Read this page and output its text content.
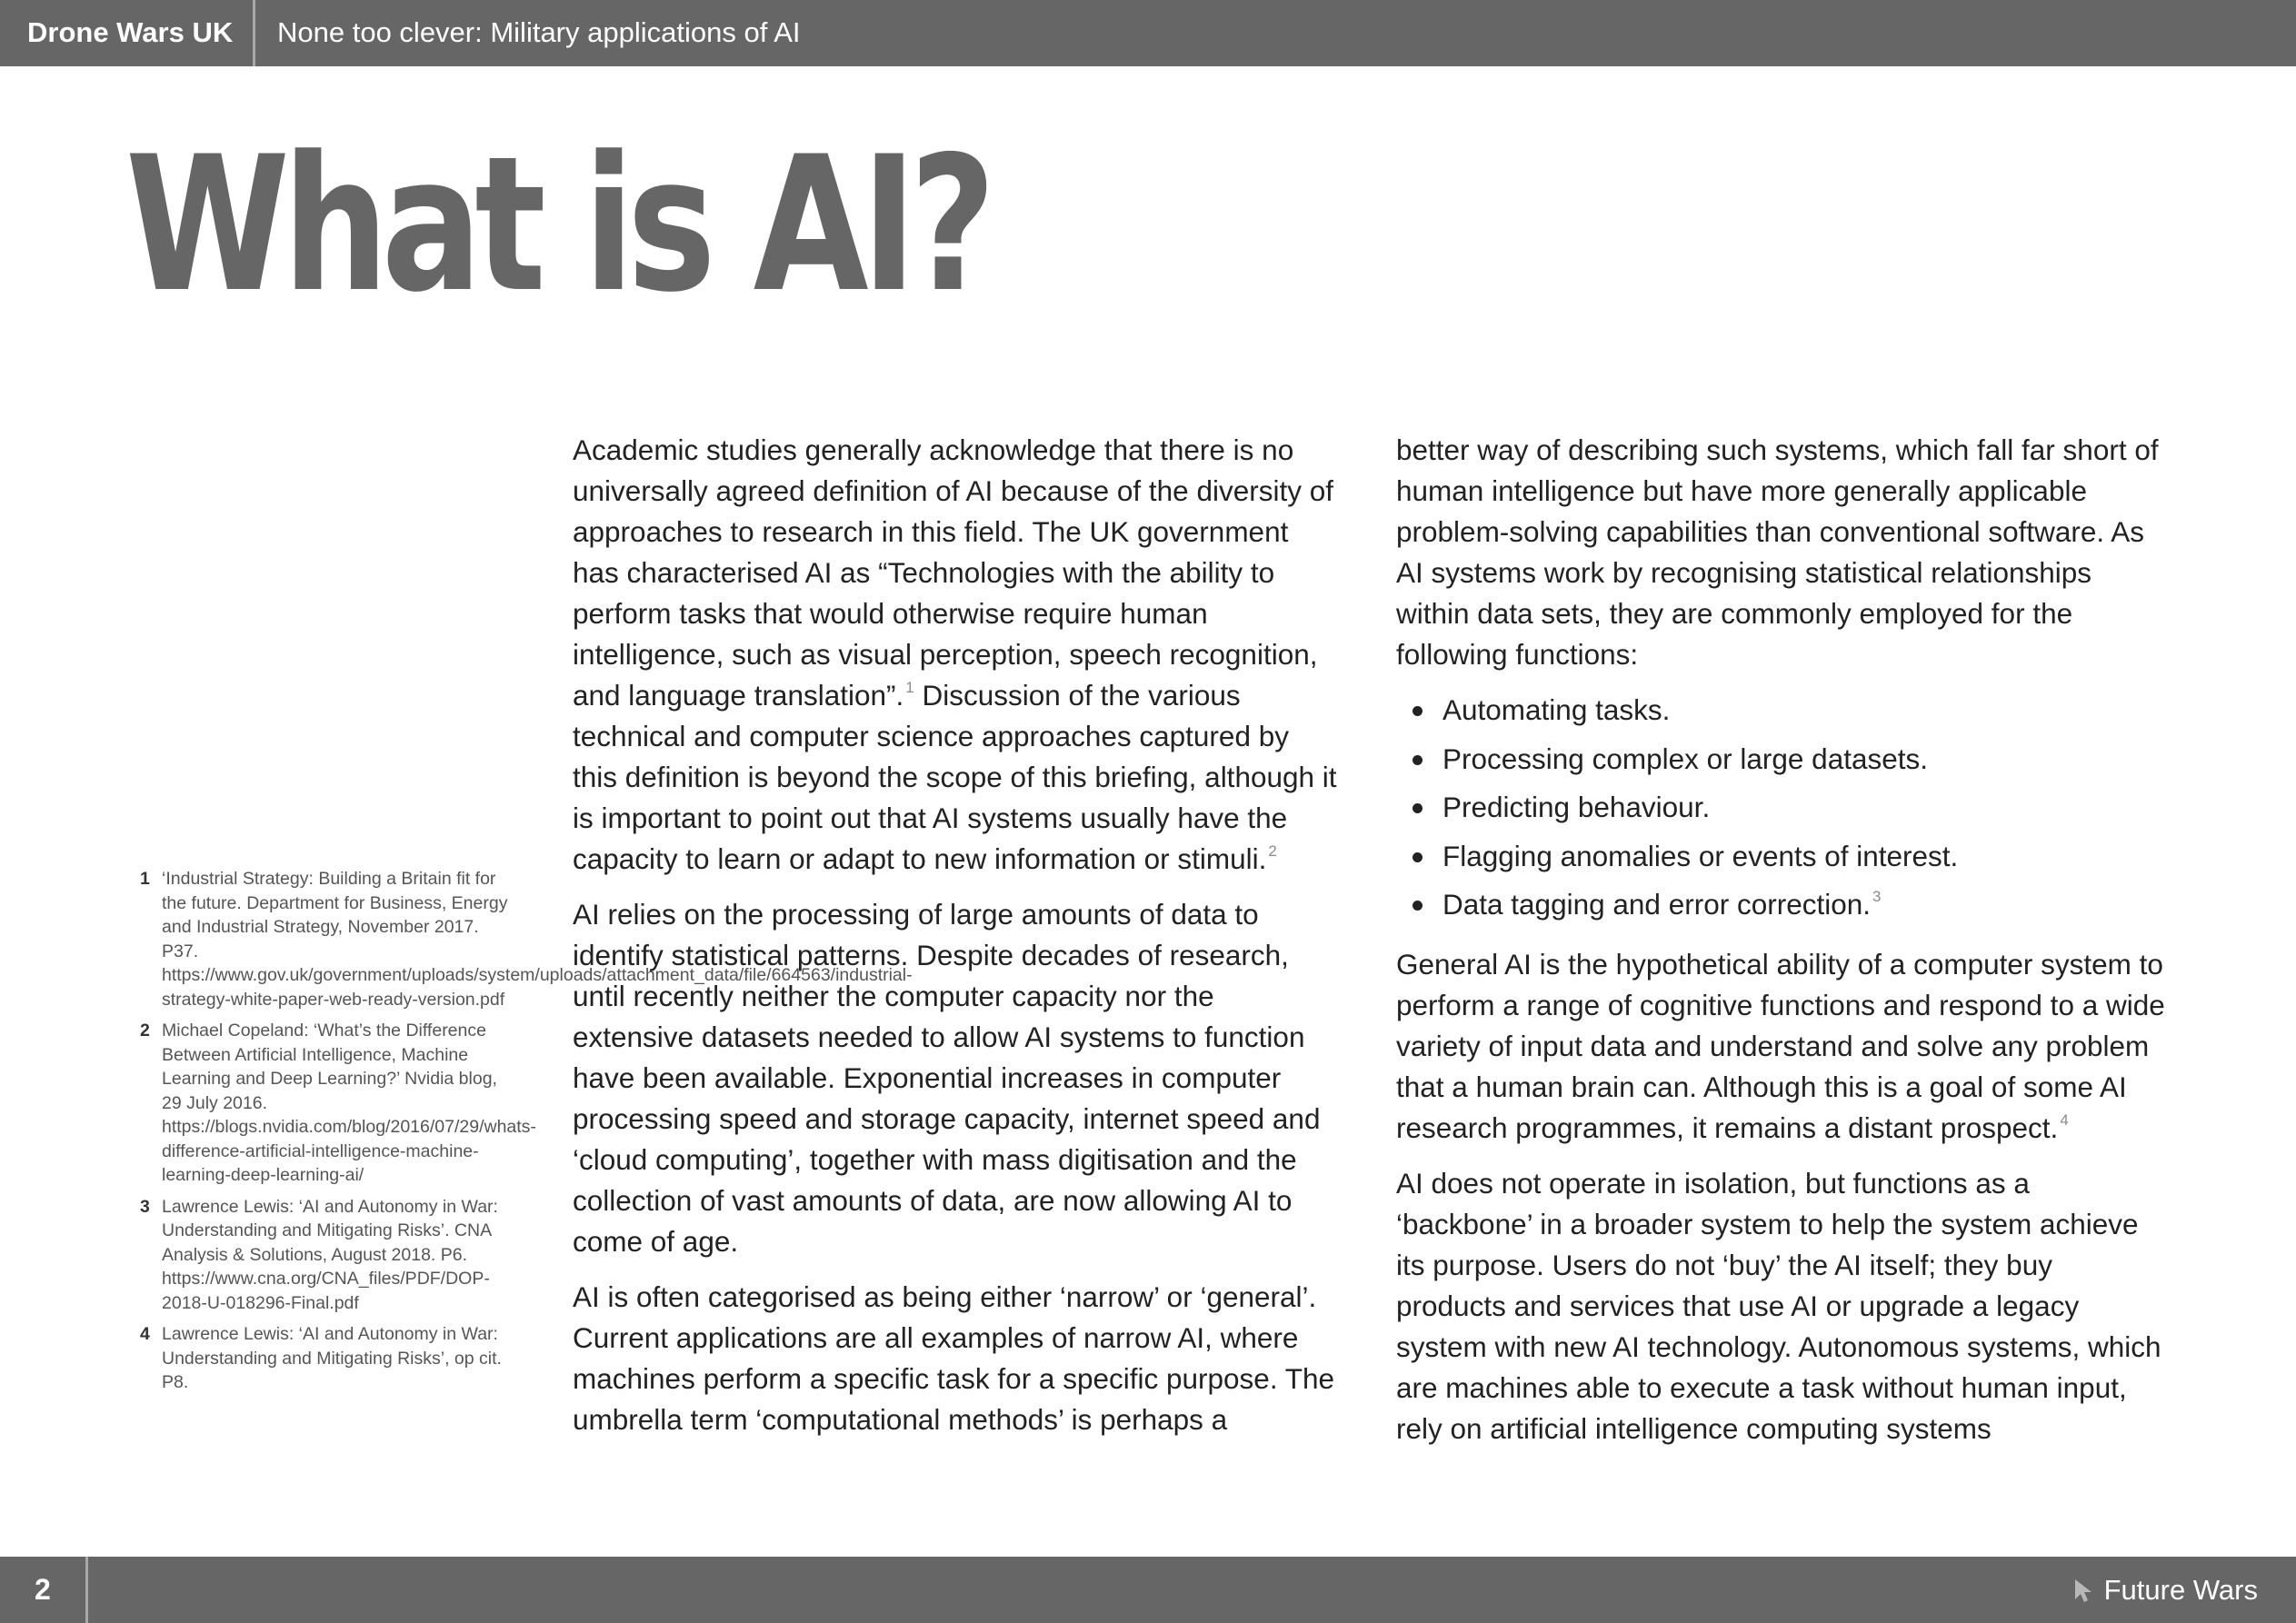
Drone Wars UK None too clever: Military applications of AI
What is AI?

Academic studies generally acknowledge that there is no universally agreed definition of AI because of the diversity of approaches to research in this field. The UK government has characterised AI as “Technologies with the ability to perform tasks that would otherwise require human intelligence, such as visual perception, speech recognition, and language translation”. $^1$ Discussion of the various technical and computer science approaches captured by this definition is beyond the scope of this briefing, although it is important to point out that AI systems usually have the capacity to learn or adapt to new information or stimuli. $^2$

AI relies on the processing of large amounts of data to identify statistical patterns. Despite decades of research, until recently neither the computer capacity nor the extensive datasets needed to allow AI systems to function have been available. Exponential increases in computer processing speed and storage capacity, internet speed and ‘cloud computing’, together with mass digitisation and the collection of vast amounts of data, are now allowing AI to come of age.

AI is often categorised as being either ‘narrow’ or ‘general’. Current applications are all examples of narrow AI, where machines perform a specific task for a specific purpose. The umbrella term ‘computational methods’ is perhaps a

better way of describing such systems, which fall far short of human intelligence but have more generally applicable problem-solving capabilities than conventional software. As AI systems work by recognising statistical relationships within data sets, they are commonly employed for the following functions:

Automating tasks.
Processing complex or large datasets.
Predicting behaviour.
Flagging anomalies or events of interest.
Data tagging and error correction. $^3$

General AI is the hypothetical ability of a computer system to perform a range of cognitive functions and respond to a wide variety of input data and understand and solve any problem that a human brain can. Although this is a goal of some AI research programmes, it remains a distant prospect. $^4$

AI does not operate in isolation, but functions as a ‘backbone’ in a broader system to help the system achieve its purpose. Users do not ‘buy’ the AI itself; they buy products and services that use AI or upgrade a legacy system with new AI technology. Autonomous systems, which are machines able to execute a task without human input, rely on artificial intelligence computing systems

1 ‘Industrial Strategy: Building a Britain fit for the future. Department for Business, Energy and Industrial Strategy, November 2017. P37. https://www.gov.uk/government/uploads/system/uploads/attachment_data/file/664563/industrial-strategy-white-paper-web-ready-version.pdf
2 Michael Copeland: ‘What’s the Difference Between Artificial Intelligence, Machine Learning and Deep Learning?’ Nvidia blog, 29 July 2016. https://blogs.nvidia.com/blog/2016/07/29/whats-difference-artificial-intelligence-machine-learning-deep-learning-ai/
3 Lawrence Lewis: ‘AI and Autonomy in War: Understanding and Mitigating Risks’. CNA Analysis & Solutions, August 2018. P6. https://www.cna.org/CNA_files/PDF/DOP-2018-U-018296-Final.pdf
4 Lawrence Lewis: ‘AI and Autonomy in War: Understanding and Mitigating Risks’, op cit. P8.
2	Future Wars
